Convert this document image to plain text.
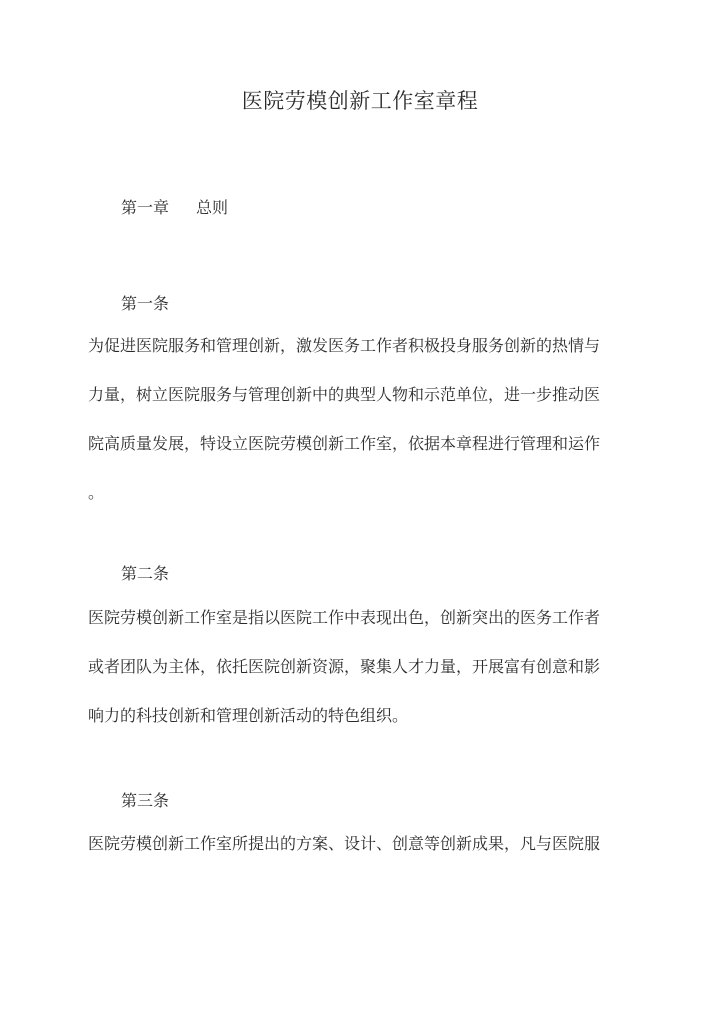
医院劳模创新工作室章程
第一章 总则
第一条
为促进医院服务和管理创新，激发医务工作者积极投身服务创新的热情与
力量，树立医院服务与管理创新中的典型人物和示范单位，进一步推动医
院高质量发展，特设立医院劳模创新工作室，依据本章程进行管理和运作
。
第二条
医院劳模创新工作室是指以医院工作中表现出色，创新突出的医务工作者
或者团队为主体，依托医院创新资源，聚集人才力量，开展富有创意和影
响力的科技创新和管理创新活动的特色组织。
第三条
医院劳模创新工作室所提出的方案、设计、创意等创新成果，凡与医院服
